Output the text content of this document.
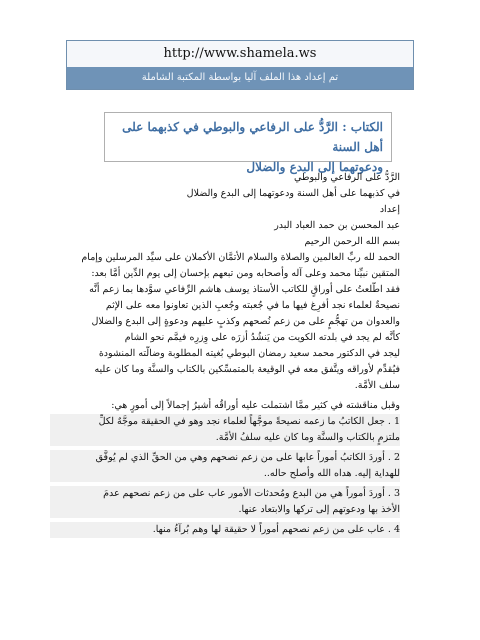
http://www.shamela.ws
تم إعداد هذا الملف آليا بواسطة المكتبة الشاملة
الكتاب : الرَّدُّ على الرفاعي والبوطي في كذبهما على أهل السنة
ودعوتهما إلى البدع والضلال
الرَّدُّ على الرفاعي والبوطي
في كذبهما على أهل السنة ودعوتهما إلى البدع والضلال
إعداد
عبد المحسن بن حمد العباد البدر
بسم الله الرحمن الرحيم
الحمد لله ربِّ العالمين والصلاة والسلام الأتمَّان الأكملان على سيِّد المرسلين وإمام
المتقين نبيِّنا محمد وعلى آله وأصحابه ومن تبعهم بإحسان إلى يوم الدِّين أمَّا بعد:
فقد اطَّلعتُ على أوراقٍ للكاتب الأستاذ يوسف هاشم الرِّفاعي سوَّدها بما زعم أنَّه
نصيحةٌ لعلماء نجد أفرِغ فيها ما في جُعبته وجُعبِ الذين تعاونوا معه على الإثم
والعدوان من تهجُّمٍ على من زعم نُصحهم وكذبٍ عليهم ودعوةٍ إلى البدع والضلال
كأنَّه لم يجد في بلدته الكويت من يَنشُدُ أزرَه على وِزرِه فيمَّم نحو الشام
ليجد في الدكتور محمد سعيد رمضان البوطي بُغيته المطلوبة وضالَّته المنشودة
فيُقدِّم لأوراقه ويتَّفق معه في الوقيعة بالمتمسِّكين بالكتاب والسنَّة وما كان عليه
سلف الأمَّة.
وقبل مناقشته في كثير ممَّا اشتملت عليه أوراقُه أُشيرُ إجمالاً إلى أمورٍ هي:
1 . جعل الكاتبُ ما زعمه نصيحةً موجَّهاً لعلماء نجد وهو في الحقيقة موجَّهٌ لكلِّ
ملتزمٍ بالكتاب والسنَّة وما كان عليه سلفُ الأمَّة.
2 . أوردَ الكاتبُ أموراً عابها على من زعم نصحهم وهي من الحقِّ الذي لم يُوفَّق
للهداية إليه. هداه الله وأصلح حاله..
3 . أوردَ أموراً هي من البدع ومُحدثات الأمور عاب على من زعم نصحهم عدمَ
الأخذ بها ودعوتهم إلى تركها والابتعاد عنها.
4 . عاب على من زعم نصحهم أموراً لا حقيقة لها وهم بُرآءُ منها.
